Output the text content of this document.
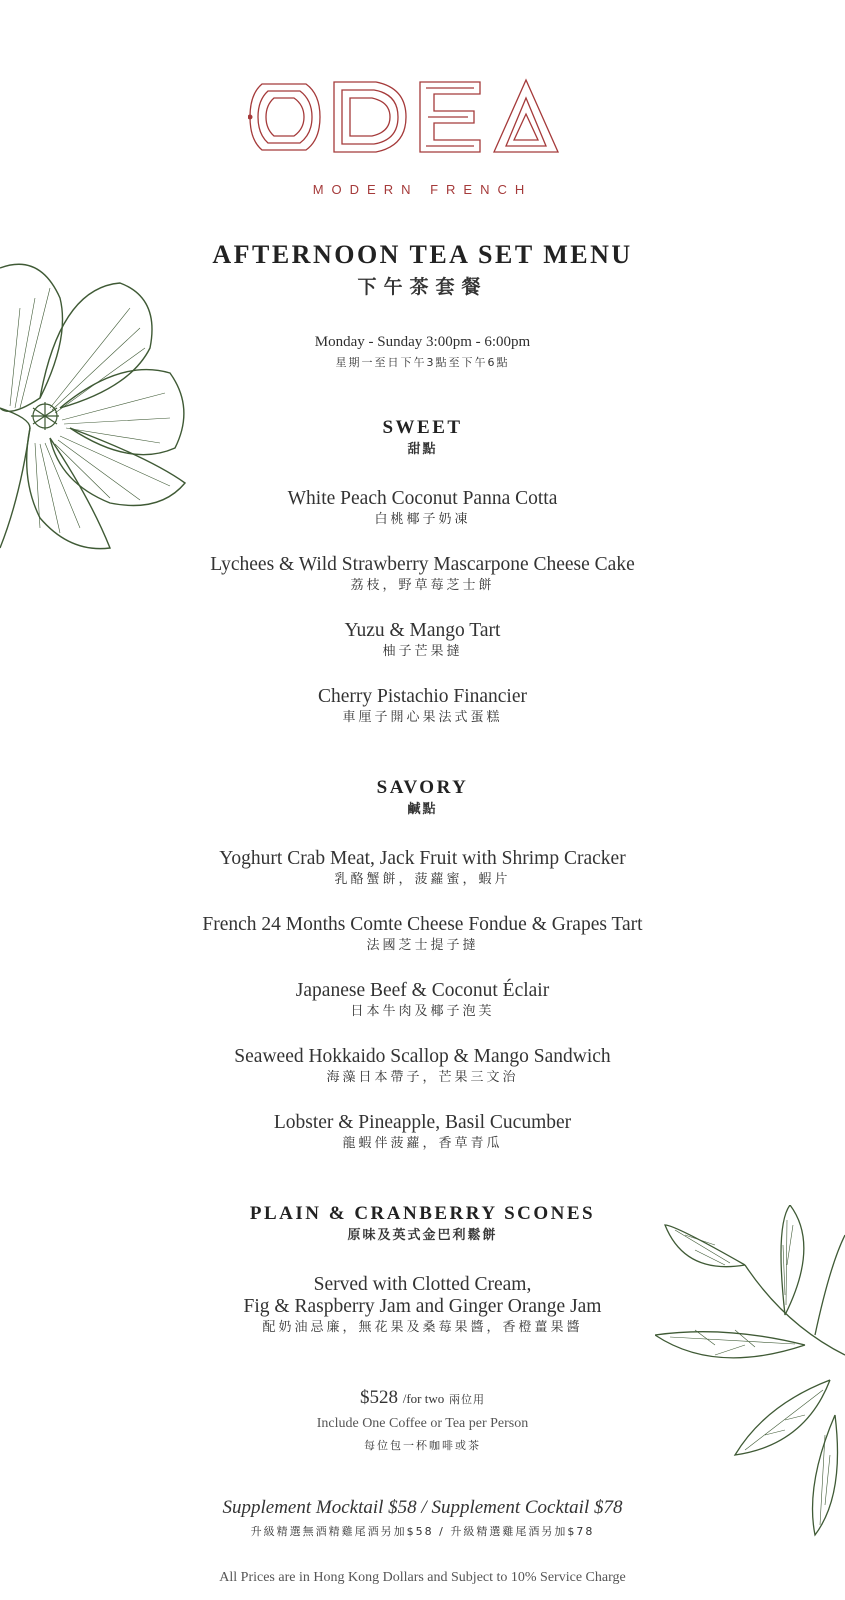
MODERN FRENCH
AFTERNOON TEA SET MENU
下午茶套餐
Monday - Sunday 3:00pm - 6:00pm
星期一至日下午3點至下午6點
SWEET
甜點
White Peach Coconut Panna Cotta
白桃椰子奶凍
Lychees & Wild Strawberry Mascarpone Cheese Cake
荔枝，野草莓芝士餅
Yuzu & Mango Tart
柚子芒果撻
Cherry Pistachio Financier
車厘子開心果法式蛋糕
SAVORY
鹹點
Yoghurt Crab Meat, Jack Fruit with Shrimp Cracker
乳酪蟹餅，菠蘿蜜，蝦片
French 24 Months Comte Cheese Fondue & Grapes Tart
法國芝士提子撻
Japanese Beef & Coconut Éclair
日本牛肉及椰子泡芙
Seaweed Hokkaido Scallop & Mango Sandwich
海藻日本帶子，芒果三文治
Lobster & Pineapple, Basil Cucumber
龍蝦伴菠蘿，香草青瓜
PLAIN & CRANBERRY SCONES
原味及英式金巴利鬆餅
Served with Clotted Cream,
Fig & Raspberry Jam and Ginger Orange Jam
配奶油忌廉，無花果及桑莓果醬，香橙薑果醬
$528 /for two 兩位用
Include One Coffee or Tea per Person
每位包一杯咖啡或茶
Supplement Mocktail $58 / Supplement Cocktail $78
升級精選無酒精雞尾酒另加$58 / 升級精選雞尾酒另加$78
All Prices are in Hong Kong Dollars and Subject to 10% Service Charge
